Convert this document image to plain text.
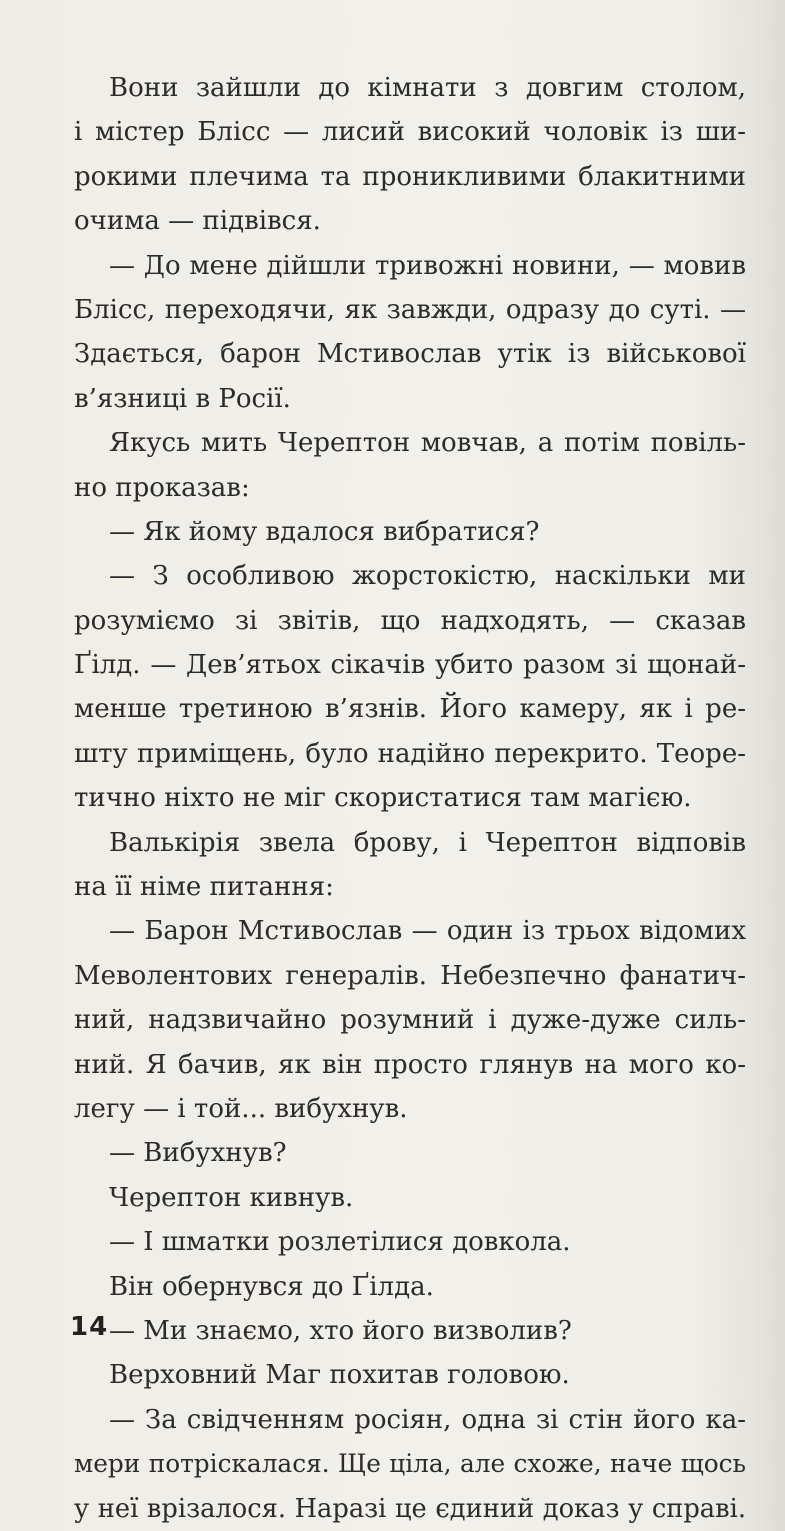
Вони зайшли до кімнати з довгим столом,
і містер Блісс — лисий високий чоловік із ши-
рокими плечима та проникливими блакитними
очима — підвівся.
— До мене дійшли тривожні новини, — мовив
Блісс, переходячи, як завжди, одразу до суті. —
Здається, барон Мстивослав утік із військової
в’язниці в Росії.
Якусь мить Черептон мовчав, а потім повіль-
но проказав:
— Як йому вдалося вибратися?
— З особливою жорстокістю, наскільки ми
розуміємо зі звітів, що надходять, — сказав
Ґілд. — Дев’ятьох сікачів убито разом зі щонай-
менше третиною в’язнів. Його камеру, як і ре-
шту приміщень, було надійно перекрито. Теоре-
тично ніхто не міг скористатися там магією.
Валькірія звела брову, і Черептон відповів
на її німе питання:
— Барон Мстивослав — один із трьох відомих
Меволентових генералів. Небезпечно фанатич-
ний, надзвичайно розумний і дуже-дуже силь-
ний. Я бачив, як він просто глянув на мого ко-
легу — і той... вибухнув.
— Вибухнув?
Черептон кивнув.
— І шматки розлетілися довкола.
Він обернувся до Ґілда.
— Ми знаємо, хто його визволив?
Верховний Маг похитав головою.
— За свідченням росіян, одна зі стін його ка-
мери потріскалася. Ще ціла, але схоже, наче щось
у неї врізалося. Наразі це єдиний доказ у справі.
14
